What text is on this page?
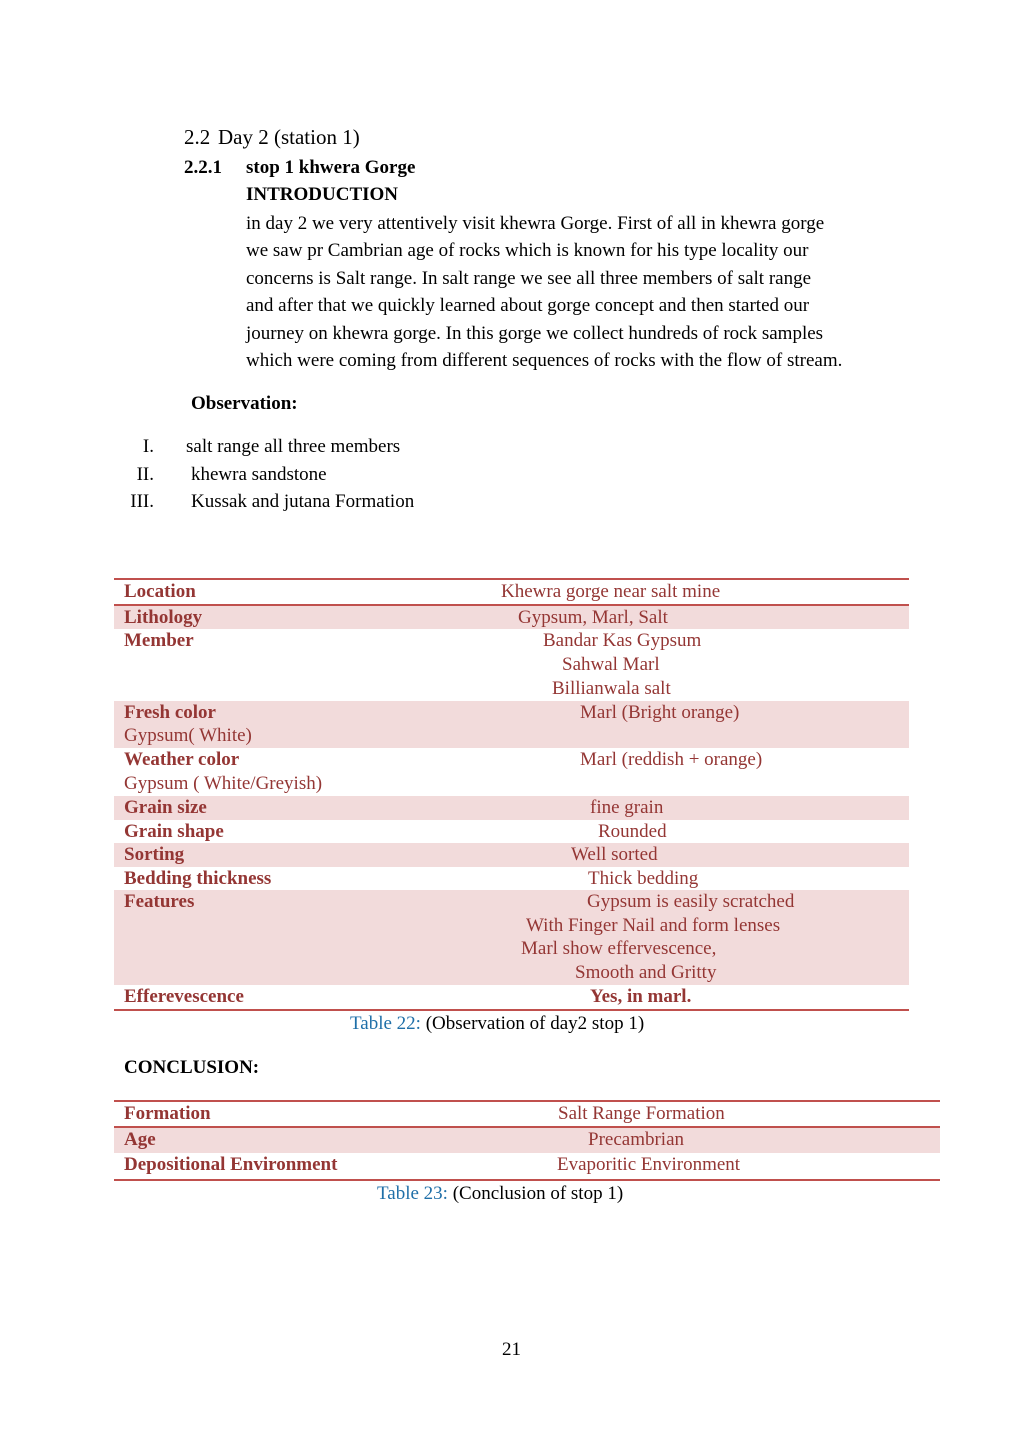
2.2 Day 2 (station 1)
2.2.1 stop 1 khwera Gorge
INTRODUCTION
in day 2 we very attentively visit khewra Gorge. First of all in khewra gorge
we saw pr Cambrian age of rocks which is known for his type locality our
concerns is Salt range. In salt range we see all three members of salt range
and after that we quickly learned about gorge concept and then started our
journey on khewra gorge. In this gorge we collect hundreds of rock samples
which were coming from different sequences of rocks with the flow of stream.
Observation:
I. salt range all three members
II. khewra sandstone
III. Kussak and jutana Formation
Location	Khewra gorge near salt mine
Lithology	Gypsum, Marl, Salt
Member	Bandar Kas Gypsum
Sahwal Marl
Billianwala salt
Fresh color	Marl (Bright orange)
Gypsum( White)
Weather color	Marl (reddish + orange)
Gypsum ( White/Greyish)
Grain size	fine grain
Grain shape	Rounded
Sorting	Well sorted
Bedding thickness	Thick bedding
Features	Gypsum is easily scratched
With Finger Nail and form lenses
Marl show effervescence,
Smooth and Gritty
Efferevescence	Yes, in marl.
Table 22: (Observation of day2 stop 1)
CONCLUSION:
Formation	Salt Range Formation
Age	Precambrian
Depositional Environment	Evaporitic Environment
Table 23: (Conclusion of stop 1)
21
